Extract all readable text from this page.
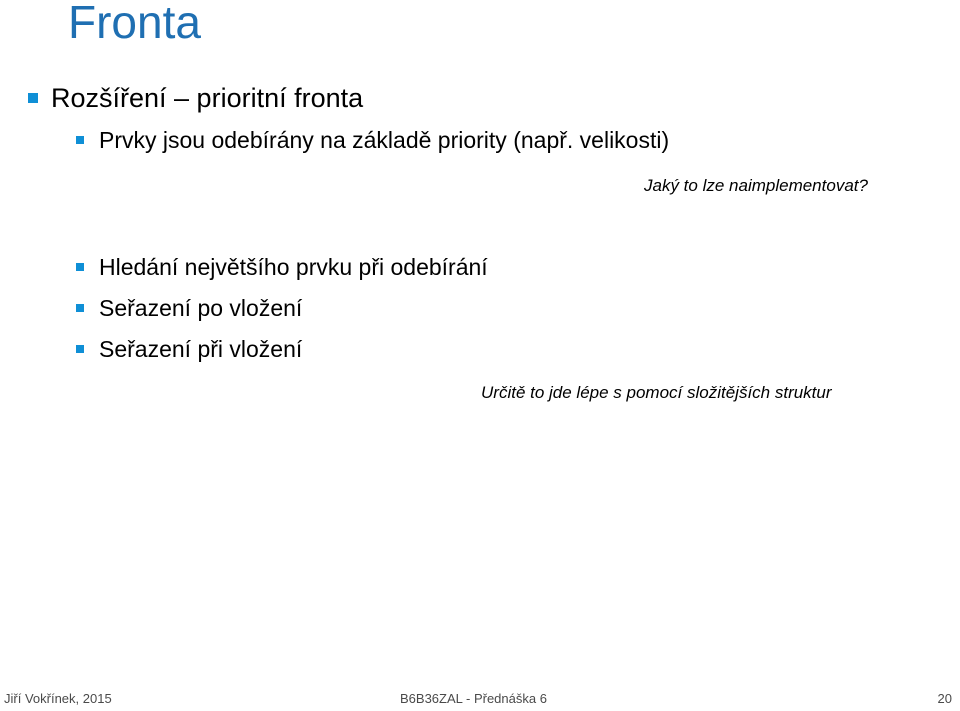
Fronta
Rozšíření – prioritní fronta
Prvky jsou odebírány na základě priority (např. velikosti)
Jaký to lze naimplementovat?
Hledání největšího prvku při odebírání
Seřazení po vložení
Seřazení při vložení
Určitě to jde lépe s pomocí složitějších struktur
Jiří Vokřínek, 2015	B6B36ZAL - Přednáška 6	20
